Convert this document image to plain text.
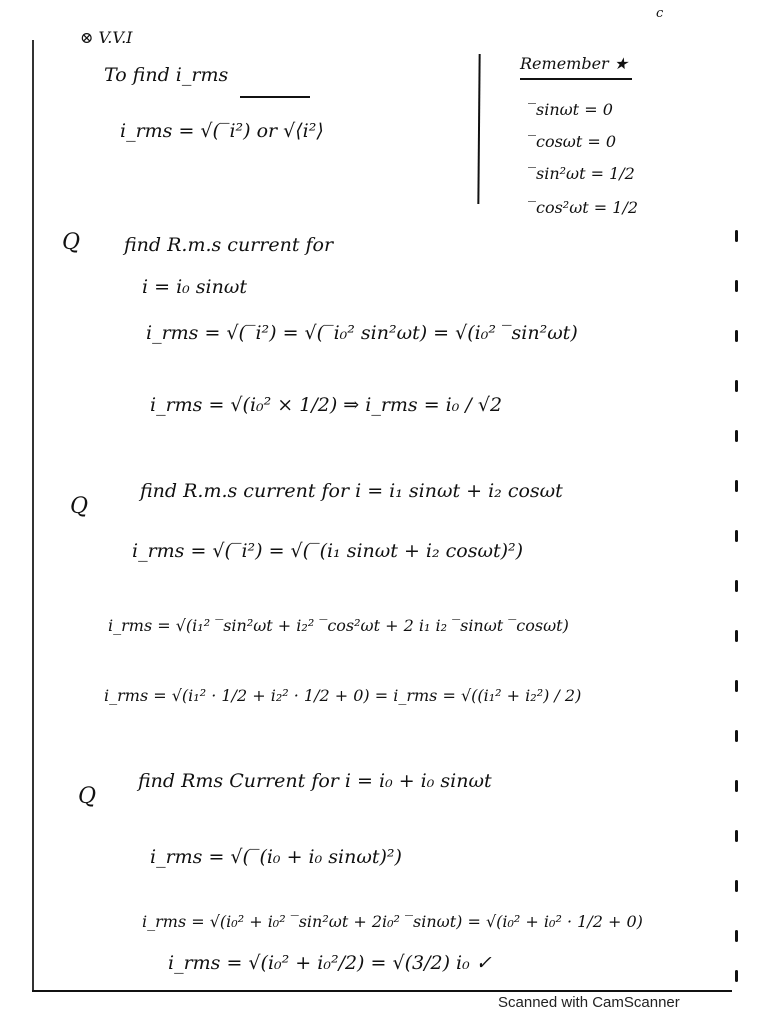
c
⊗ V.V.I
To find i_rms
i_rms = √(‾i²) or √⟨i²⟩
Remember ★
‾sinωt = 0
‾cosωt = 0
‾sin²ωt = 1/2
‾cos²ωt = 1/2
Q find R.m.s current for
i = i₀ sinωt
i_rms = √(‾i²) = √(‾i₀² sin²ωt) = √(i₀² ‾sin²ωt)
i_rms = √(i₀² × 1/2) ⇒ i_rms = i₀ / √2
Q
find R.m.s current for i = i₁ sinωt + i₂ cosωt
i_rms = √(‾i²) = √(‾(i₁ sinωt + i₂ cosωt)²)
i_rms = √(i₁² ‾sin²ωt + i₂² ‾cos²ωt + 2 i₁ i₂ ‾sinωt ‾cosωt)
i_rms = √(i₁² · 1/2 + i₂² · 1/2 + 0) = i_rms = √((i₁² + i₂²) / 2)
Q
find Rms Current for i = i₀ + i₀ sinωt
i_rms = √(‾(i₀ + i₀ sinωt)²)
i_rms = √(i₀² + i₀² ‾sin²ωt + 2i₀² ‾sinωt) = √(i₀² + i₀² · 1/2 + 0)
i_rms = √(i₀² + i₀²/2) = √(3/2) i₀ ✓
Scanned with CamScanner
